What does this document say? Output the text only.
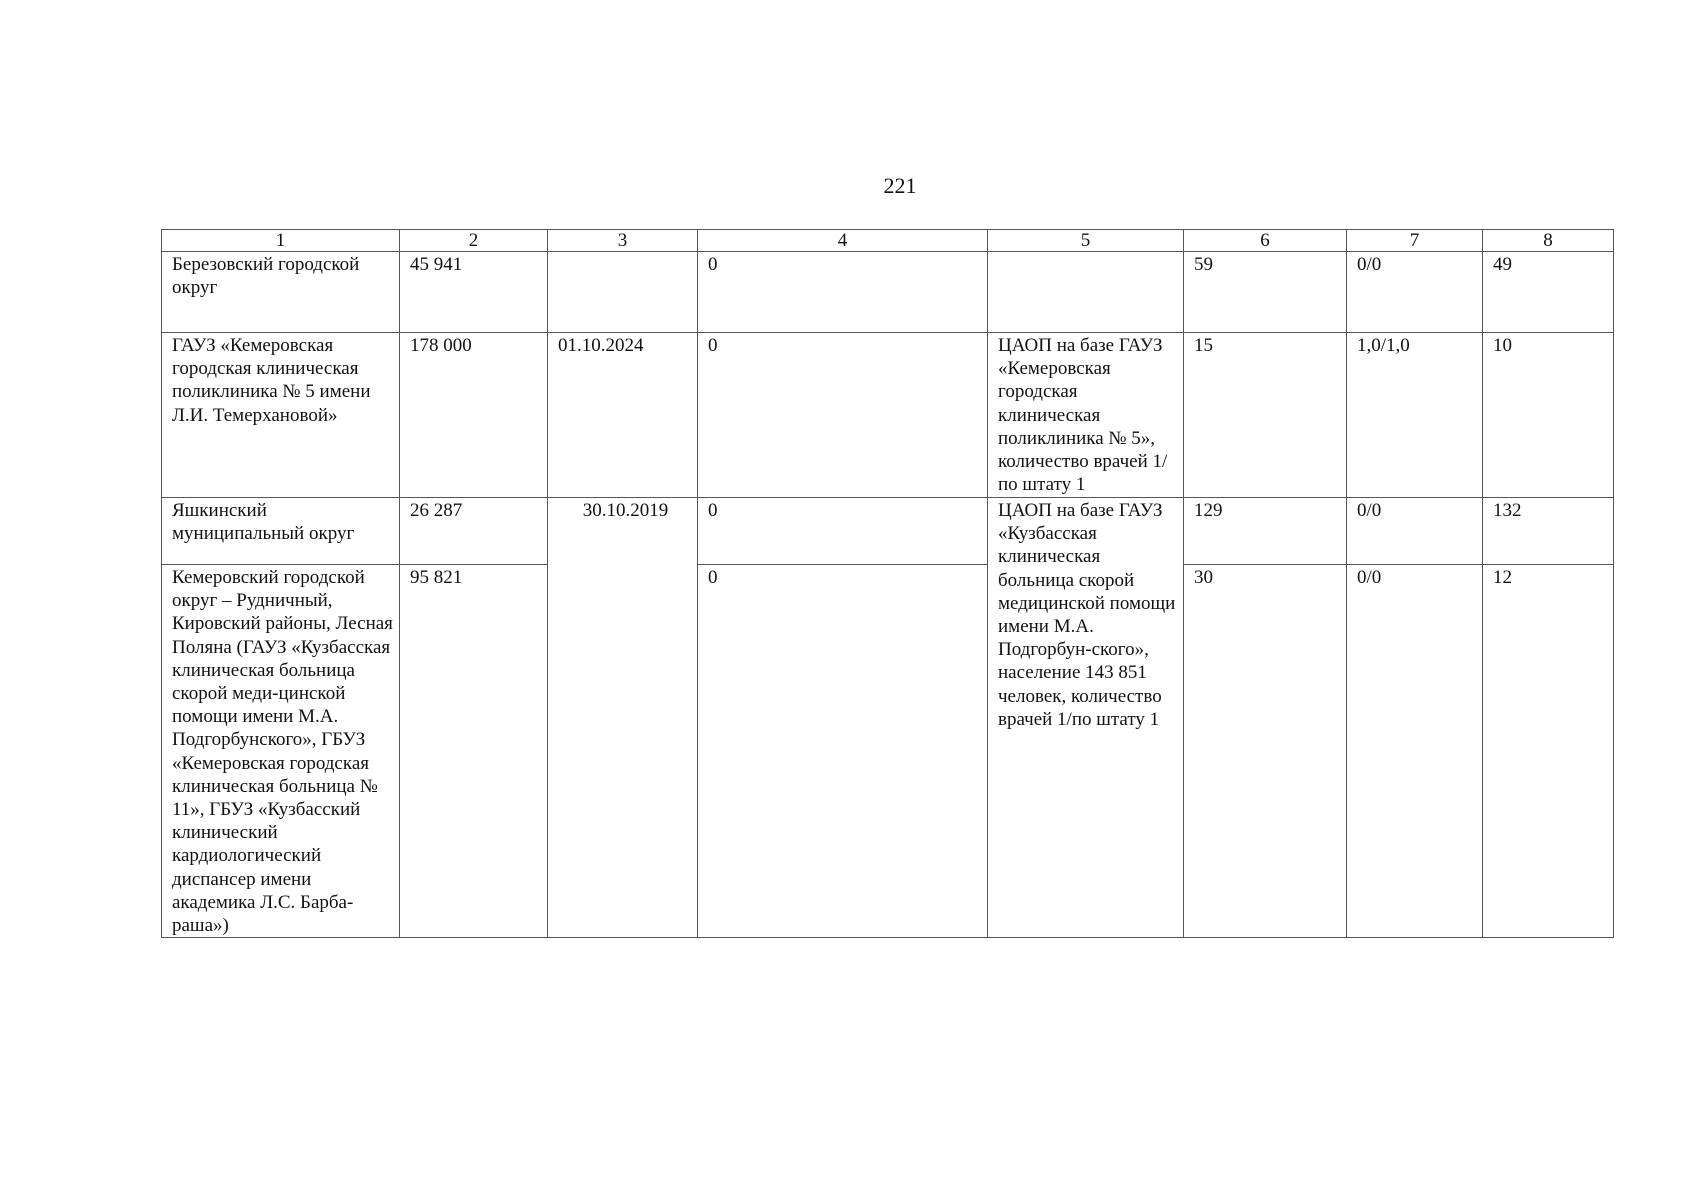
221
1	2	3	4	5	6	7	8
Березовский городской округ	45 941		0		59	0/0	49
ГАУЗ «Кемеровская городская клиническая поликлиника № 5 имени Л.И. Темерхановой»	178 000	01.10.2024	0	ЦАОП на базе ГАУЗ «Кемеровская городская клиническая поликлиника № 5», количество врачей 1/по штату 1	15	1,0/1,0	10
Яшкинский муниципальный округ	26 287	30.10.2019	0	ЦАОП на базе ГАУЗ «Кузбасская клиническая больница скорой медицинской помощи имени М.А. Подгорбун-ского», население 143 851 человек, количество врачей 1/по штату 1	129	0/0	132
Кемеровский городской округ – Рудничный, Кировский районы, Лесная Поляна (ГАУЗ «Кузбасская клиническая больница скорой меди-цинской помощи имени М.А. Подгорбунского», ГБУЗ «Кемеровская городская клиническая больница № 11», ГБУЗ «Кузбасский клинический кардиологический диспансер имени академика Л.С. Барба-раша»)	95 821		0		30	0/0	12
